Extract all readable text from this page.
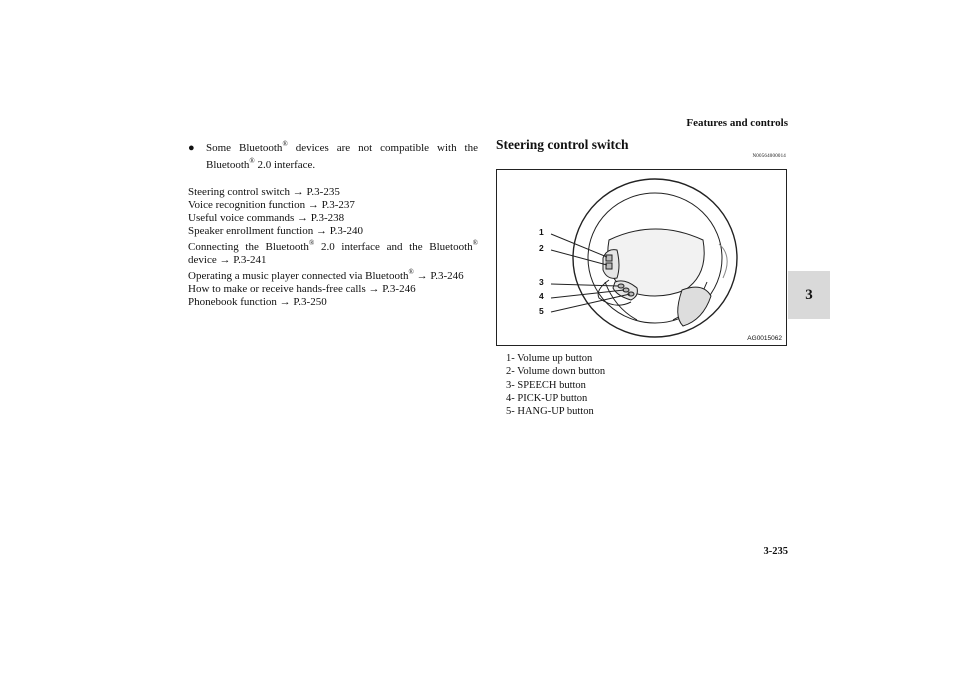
Features and controls
3
3-235
●	Some Bluetooth® devices are not compatible with the Bluetooth® 2.0 interface.
Steering control switch → P.3-235
Voice recognition function → P.3-237
Useful voice commands → P.3-238
Speaker enrollment function → P.3-240
Connecting the Bluetooth® 2.0 interface and the Bluetooth® device → P.3-241
Operating a music player connected via Bluetooth® → P.3-246
How to make or receive hands-free calls → P.3-246
Phonebook function → P.3-250
Steering control switch
N00564000014
1
2
3
4
5
AG0015062
1- Volume up button
2- Volume down button
3- SPEECH button
4- PICK-UP button
5- HANG-UP button
